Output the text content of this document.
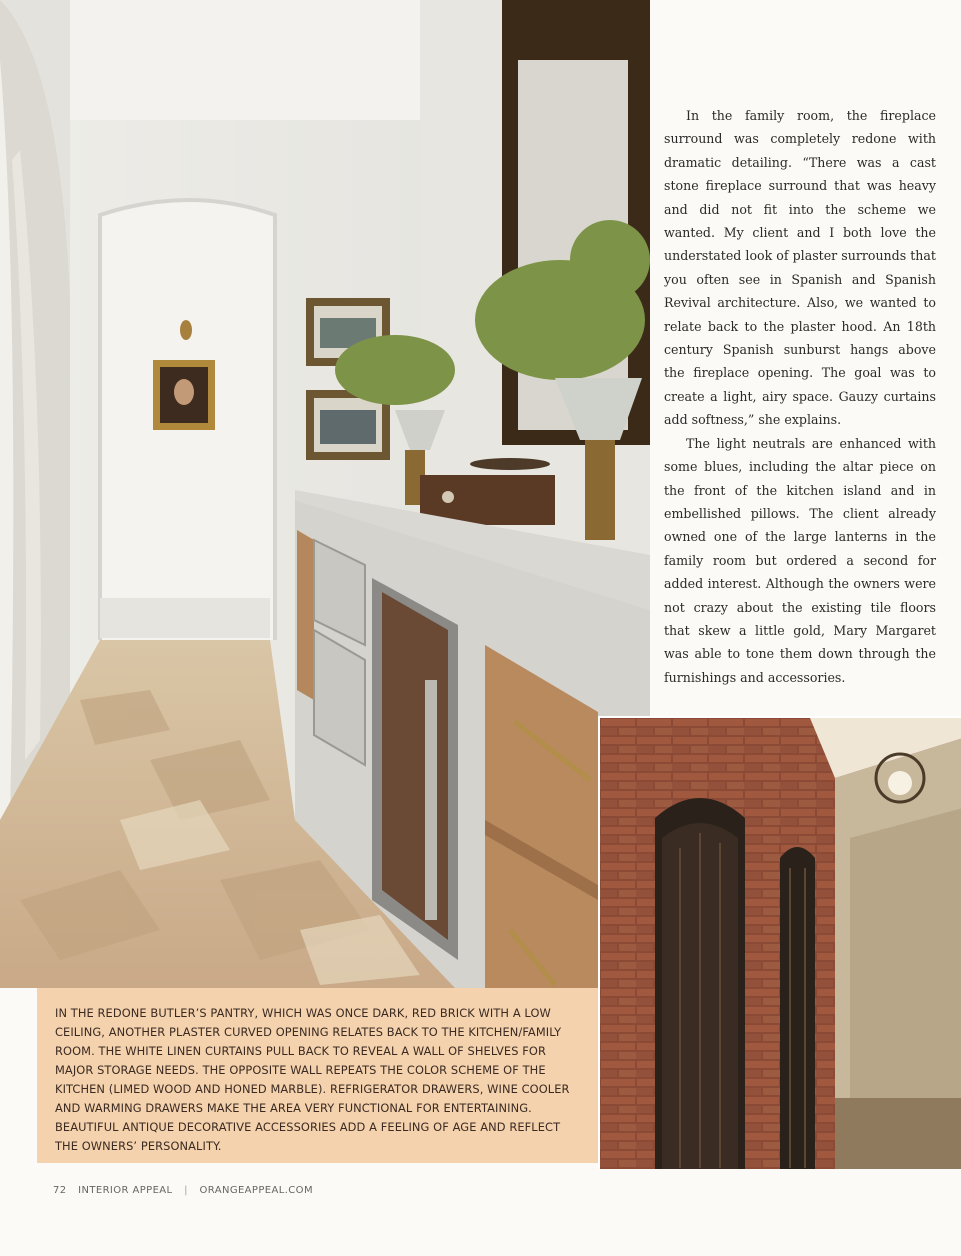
In the family room, the fireplace surround was completely redone with dramatic detailing. “There was a cast stone fireplace surround that was heavy and did not fit into the scheme we wanted. My client and I both love the understated look of plaster surrounds that you often see in Spanish and Spanish Revival architecture. Also, we wanted to relate back to the plaster hood. An 18th century Spanish sunburst hangs above the fireplace opening. The goal was to create a light, airy space. Gauzy curtains add softness,” she explains.

The light neutrals are enhanced with some blues, including the altar piece on the front of the kitchen island and in embellished pillows. The client already owned one of the large lanterns in the family room but ordered a second for added interest. Although the owners were not crazy about the existing tile floors that skew a little gold, Mary Margaret was able to tone them down through the furnishings and accessories.

IN THE REDONE BUTLER’S PANTRY, WHICH WAS ONCE DARK, RED BRICK WITH A LOW CEILING, ANOTHER PLASTER CURVED OPENING RELATES BACK TO THE KITCHEN/FAMILY ROOM. THE WHITE LINEN CURTAINS PULL BACK TO REVEAL A WALL OF SHELVES FOR MAJOR STORAGE NEEDS. THE OPPOSITE WALL REPEATS THE COLOR SCHEME OF THE KITCHEN (LIMED WOOD AND HONED MARBLE). REFRIGERATOR DRAWERS, WINE COOLER AND WARMING DRAWERS MAKE THE AREA VERY FUNCTIONAL FOR ENTERTAINING. BEAUTIFUL ANTIQUE DECORATIVE ACCESSORIES ADD A FEELING OF AGE AND REFLECT THE OWNERS’ PERSONALITY.
72 INTERIOR APPEAL | ORANGEAPPEAL.COM
